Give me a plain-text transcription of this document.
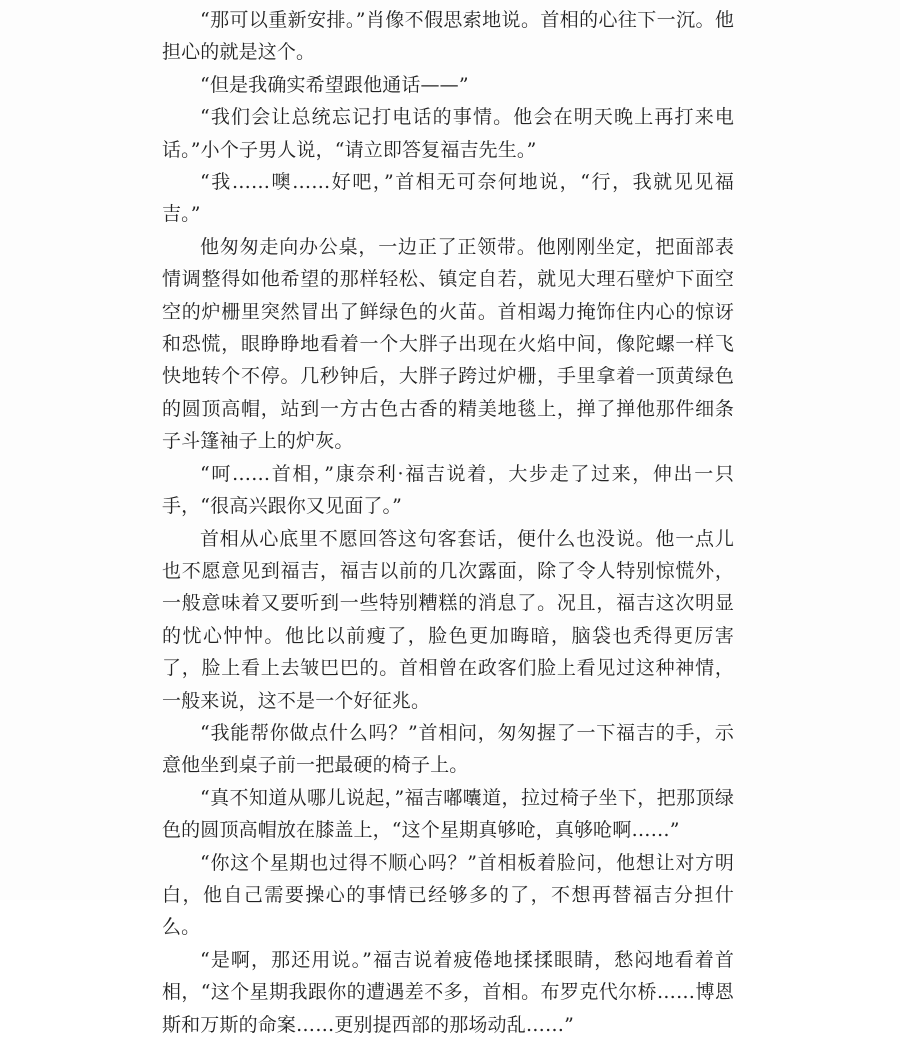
“那可以重新安排。”肖像不假思索地说。首相的心往下一沉。他担心的就是这个。

“但是我确实希望跟他通话——”

“我们会让总统忘记打电话的事情。他会在明天晚上再打来电话。”小个子男人说，“请立即答复福吉先生。”

“我……噢……好吧，”首相无可奈何地说，“行，我就见见福吉。”

他匆匆走向办公桌，一边正了正领带。他刚刚坐定，把面部表情调整得如他希望的那样轻松、镇定自若，就见大理石壁炉下面空空的炉栅里突然冒出了鲜绿色的火苗。首相竭力掩饰住内心的惊讶和恐慌，眼睁睁地看着一个大胖子出现在火焰中间，像陀螺一样飞快地转个不停。几秒钟后，大胖子跨过炉栅，手里拿着一顶黄绿色的圆顶高帽，站到一方古色古香的精美地毯上，掸了掸他那件细条子斗篷袖子上的炉灰。

“呵……首相，”康奈利·福吉说着，大步走了过来，伸出一只手，“很高兴跟你又见面了。”

首相从心底里不愿回答这句客套话，便什么也没说。他一点儿也不愿意见到福吉，福吉以前的几次露面，除了令人特别惊慌外，一般意味着又要听到一些特别糟糕的消息了。况且，福吉这次明显的忧心忡忡。他比以前瘦了，脸色更加晦暗，脑袋也秃得更厉害了，脸上看上去皱巴巴的。首相曾在政客们脸上看见过这种神情，一般来说，这不是一个好征兆。

“我能帮你做点什么吗？”首相问，匆匆握了一下福吉的手，示意他坐到桌子前一把最硬的椅子上。

“真不知道从哪儿说起，”福吉嘟囔道，拉过椅子坐下，把那顶绿色的圆顶高帽放在膝盖上，“这个星期真够呛，真够呛啊……”

“你这个星期也过得不顺心吗？”首相板着脸问，他想让对方明白，他自己需要操心的事情已经够多的了，不想再替福吉分担什么。

“是啊，那还用说。”福吉说着疲倦地揉揉眼睛，愁闷地看着首相，“这个星期我跟你的遭遇差不多，首相。布罗克代尔桥……博恩斯和万斯的命案……更别提西部的那场动乱……”
